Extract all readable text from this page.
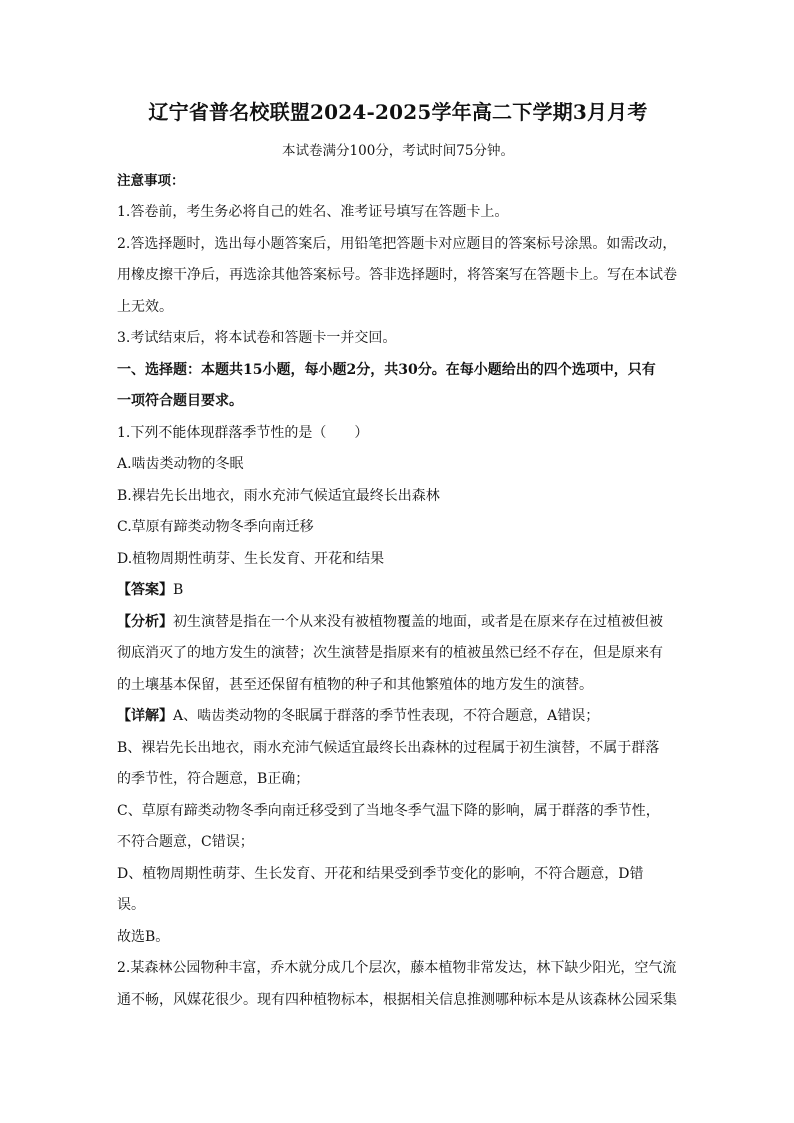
辽宁省普名校联盟2024-2025学年高二下学期3月月考
本试卷满分100分，考试时间75分钟。
注意事项：
1.答卷前，考生务必将自己的姓名、准考证号填写在答题卡上。
2.答选择题时，选出每小题答案后，用铅笔把答题卡对应题目的答案标号涂黑。如需改动，
用橡皮擦干净后，再选涂其他答案标号。答非选择题时，将答案写在答题卡上。写在本试卷
上无效。
3.考试结束后，将本试卷和答题卡一并交回。
一、选择题：本题共15小题，每小题2分，共30分。在每小题给出的四个选项中，只有
一项符合题目要求。
1.下列不能体现群落季节性的是（　　）
A.啮齿类动物的冬眠
B.裸岩先长出地衣，雨水充沛气候适宜最终长出森林
C.草原有蹄类动物冬季向南迁移
D.植物周期性萌芽、生长发育、开花和结果
【答案】B
【分析】初生演替是指在一个从来没有被植物覆盖的地面，或者是在原来存在过植被但被
彻底消灭了的地方发生的演替；次生演替是指原来有的植被虽然已经不存在，但是原来有
的土壤基本保留，甚至还保留有植物的种子和其他繁殖体的地方发生的演替。
【详解】A、啮齿类动物的冬眠属于群落的季节性表现，不符合题意，A错误；
B、裸岩先长出地衣，雨水充沛气候适宜最终长出森林的过程属于初生演替，不属于群落
的季节性，符合题意，B正确；
C、草原有蹄类动物冬季向南迁移受到了当地冬季气温下降的影响，属于群落的季节性，
不符合题意，C错误；
D、植物周期性萌芽、生长发育、开花和结果受到季节变化的影响，不符合题意，D错
误。
故选B。
2.某森林公园物种丰富，乔木就分成几个层次，藤本植物非常发达，林下缺少阳光，空气流
通不畅，风媒花很少。现有四种植物标本，根据相关信息推测哪种标本是从该森林公园采集
